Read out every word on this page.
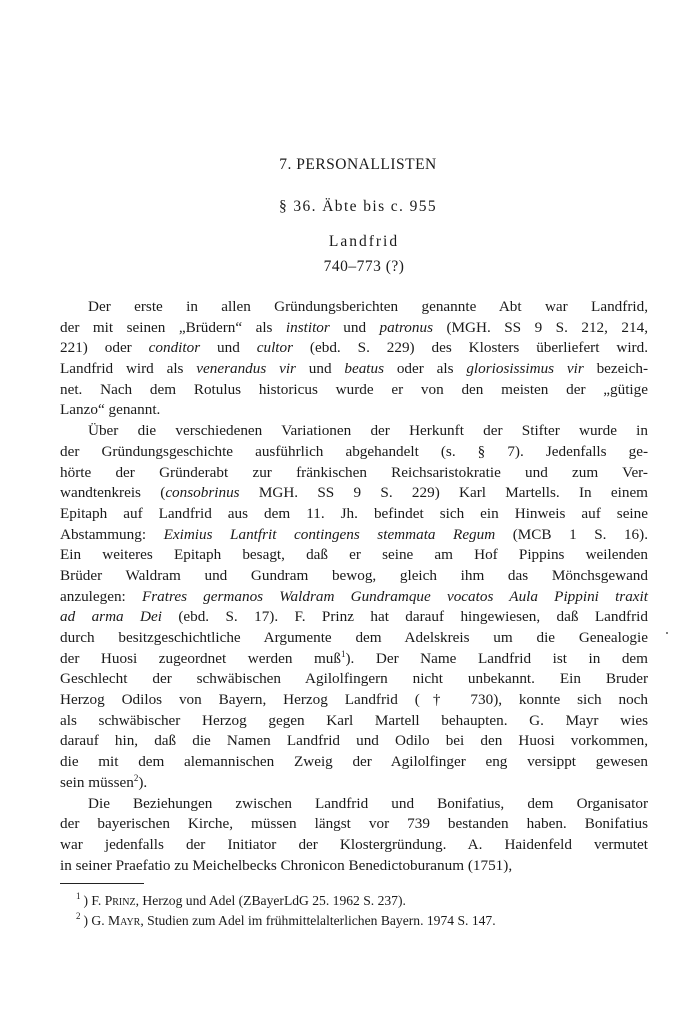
7. PERSONALLISTEN
§ 36. Äbte bis c. 955
Landfrid
740–773 (?)
Der erste in allen Gründungsberichten genannte Abt war Landfrid,
der mit seinen „Brüdern“ als institor und patronus (MGH. SS 9 S. 212, 214,
221) oder conditor und cultor (ebd. S. 229) des Klosters überliefert wird.
Landfrid wird als venerandus vir und beatus oder als gloriosissimus vir bezeich-
net. Nach dem Rotulus historicus wurde er von den meisten der „gütige
Lanzo“ genannt.
Über die verschiedenen Variationen der Herkunft der Stifter wurde in
der Gründungsgeschichte ausführlich abgehandelt (s. § 7). Jedenfalls ge-
hörte der Gründerabt zur fränkischen Reichsaristokratie und zum Ver-
wandtenkreis (consobrinus MGH. SS 9 S. 229) Karl Martells. In einem
Epitaph auf Landfrid aus dem 11. Jh. befindet sich ein Hinweis auf seine
Abstammung: Eximius Lantfrit contingens stemmata Regum (MCB 1 S. 16).
Ein weiteres Epitaph besagt, daß er seine am Hof Pippins weilenden
Brüder Waldram und Gundram bewog, gleich ihm das Mönchsgewand
anzulegen: Fratres germanos Waldram Gundramque vocatos Aula Pippini traxit
ad arma Dei (ebd. S. 17). F. Prinz hat darauf hingewiesen, daß Landfrid
durch besitzgeschichtliche Argumente dem Adelskreis um die Genealogie
der Huosi zugeordnet werden muß$^1$). Der Name Landfrid ist in dem
Geschlecht der schwäbischen Agilolfingern nicht unbekannt. Ein Bruder
Herzog Odilos von Bayern, Herzog Landfrid († 730), konnte sich noch
als schwäbischer Herzog gegen Karl Martell behaupten. G. Mayr wies
darauf hin, daß die Namen Landfrid und Odilo bei den Huosi vorkommen,
die mit dem alemannischen Zweig der Agilolfinger eng versippt gewesen
sein müssen$^2$).
Die Beziehungen zwischen Landfrid und Bonifatius, dem Organisator
der bayerischen Kirche, müssen längst vor 739 bestanden haben. Bonifatius
war jedenfalls der Initiator der Klostergründung. A. Haidenfeld vermutet
in seiner Praefatio zu Meichelbecks Chronicon Benedictoburanum (1751),
$^1$ ) F. Prinz, Herzog und Adel (ZBayerLdG 25. 1962 S. 237).
$^2$ ) G. Mayr, Studien zum Adel im frühmittelalterlichen Bayern. 1974 S. 147.
